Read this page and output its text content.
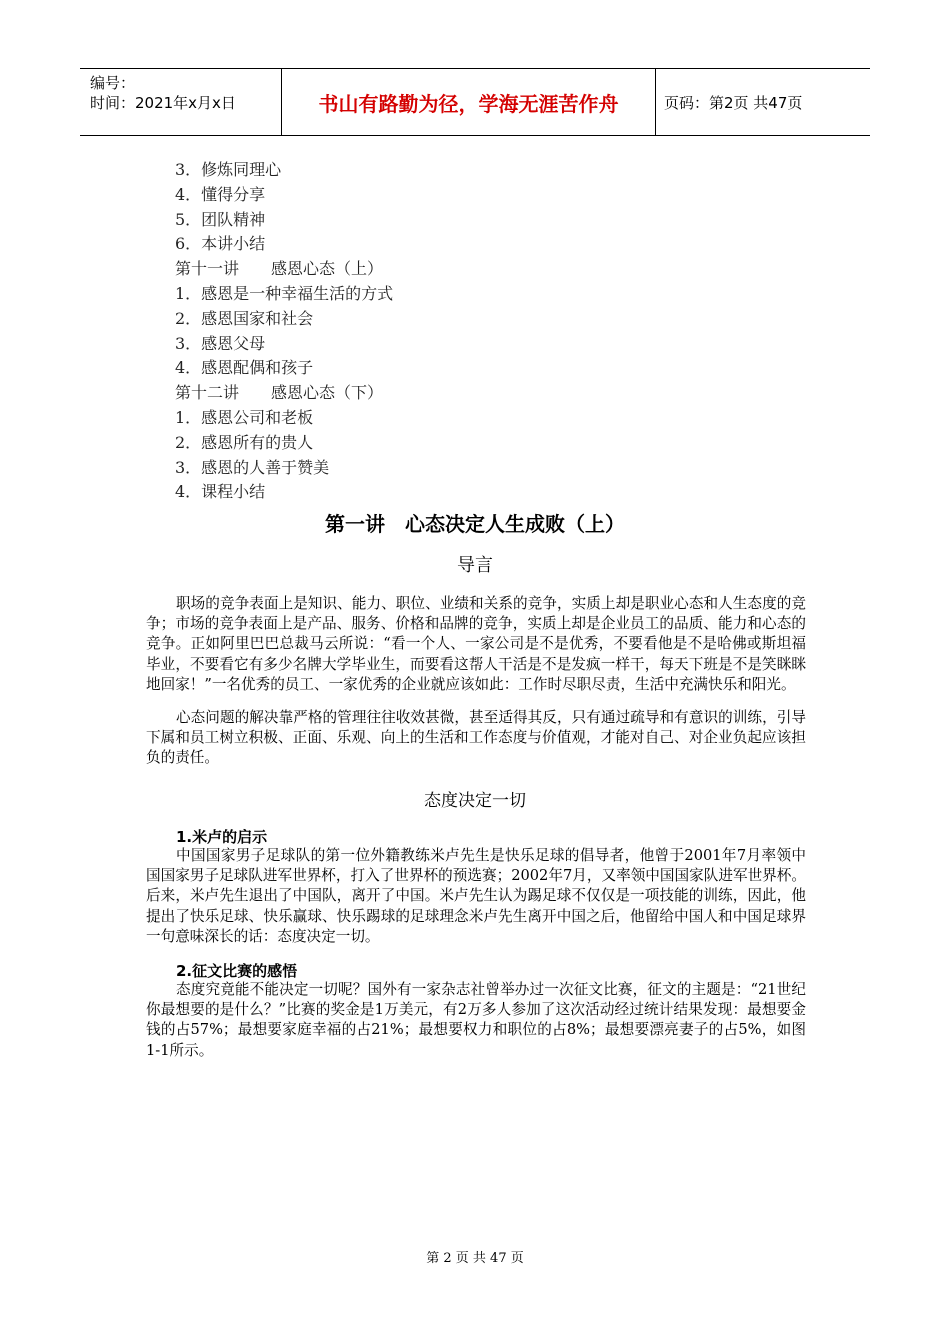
编号：
时间：2021年x月x日	书山有路勤为径，学海无涯苦作舟	页码：第2页 共47页
3．修炼同理心
4．懂得分享
5．团队精神
6．本讲小结
第十一讲　　感恩心态（上）
1．感恩是一种幸福生活的方式
2．感恩国家和社会
3．感恩父母
4．感恩配偶和孩子
第十二讲　　感恩心态（下）
1．感恩公司和老板
2．感恩所有的贵人
3．感恩的人善于赞美
4．课程小结
第一讲　心态决定人生成败（上）
导言
职场的竞争表面上是知识、能力、职位、业绩和关系的竞争，实质上却是职业心态和人生态度的竞争；市场的竞争表面上是产品、服务、价格和品牌的竞争，实质上却是企业员工的品质、能力和心态的竞争。正如阿里巴巴总裁马云所说：“看一个人、一家公司是不是优秀，不要看他是不是哈佛或斯坦福毕业，不要看它有多少名牌大学毕业生，而要看这帮人干活是不是发疯一样干，每天下班是不是笑眯眯地回家！”一名优秀的员工、一家优秀的企业就应该如此：工作时尽职尽责，生活中充满快乐和阳光。
心态问题的解决靠严格的管理往往收效甚微，甚至适得其反，只有通过疏导和有意识的训练，引导下属和员工树立积极、正面、乐观、向上的生活和工作态度与价值观，才能对自己、对企业负起应该担负的责任。
态度决定一切
1.米卢的启示
中国国家男子足球队的第一位外籍教练米卢先生是快乐足球的倡导者，他曾于2001年7月率领中国国家男子足球队进军世界杯，打入了世界杯的预选赛；2002年7月，又率领中国国家队进军世界杯。后来，米卢先生退出了中国队，离开了中国。米卢先生认为踢足球不仅仅是一项技能的训练，因此，他提出了快乐足球、快乐赢球、快乐踢球的足球理念米卢先生离开中国之后，他留给中国人和中国足球界一句意味深长的话：态度决定一切。
2.征文比赛的感悟
态度究竟能不能决定一切呢？国外有一家杂志社曾举办过一次征文比赛，征文的主题是：“21世纪你最想要的是什么？”比赛的奖金是1万美元，有2万多人参加了这次活动经过统计结果发现：最想要金钱的占57%；最想要家庭幸福的占21%；最想要权力和职位的占8%；最想要漂亮妻子的占5%，如图1-1所示。
第 2 页 共 47 页
